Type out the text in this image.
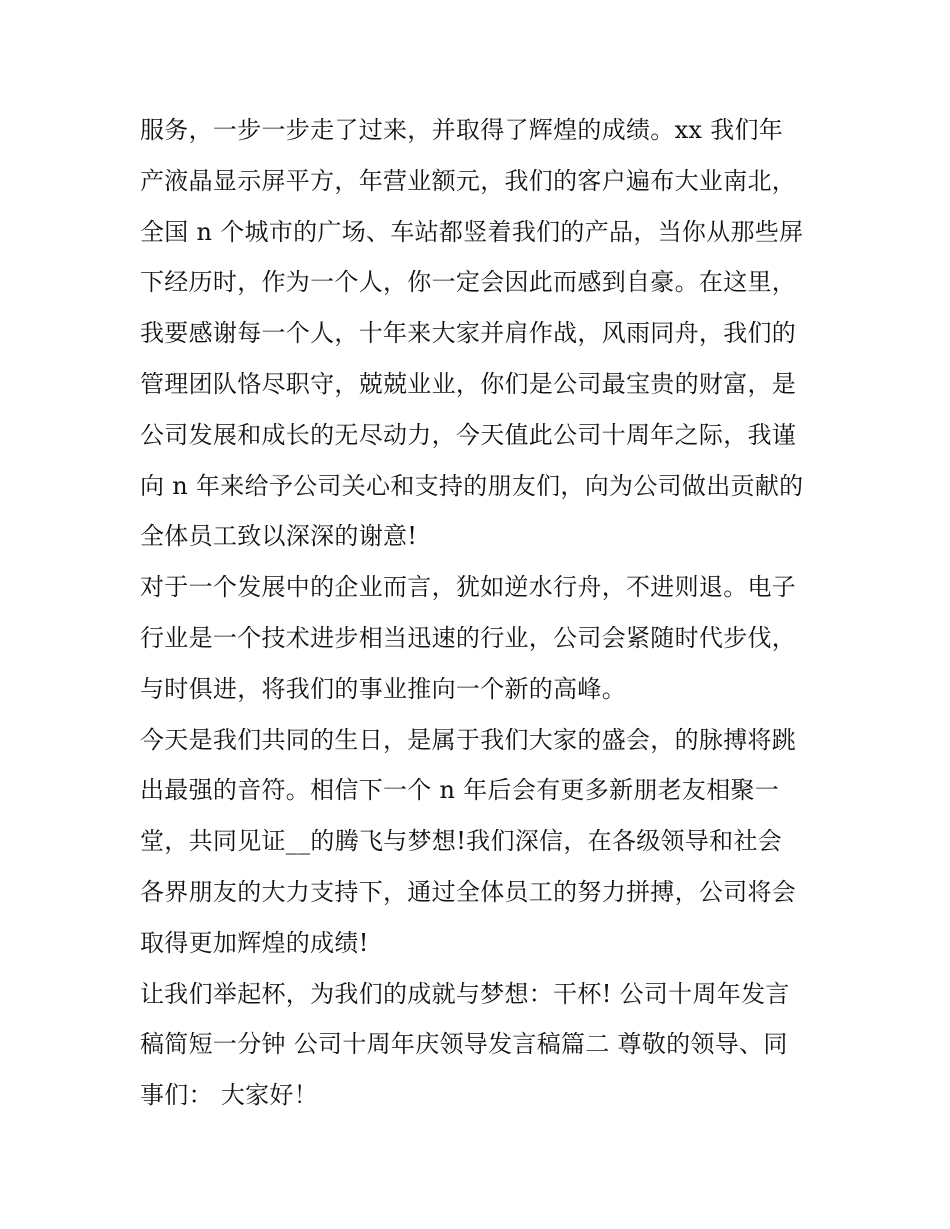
服务，一步一步走了过来，并取得了辉煌的成绩。xx 我们年
产液晶显示屏平方，年营业额元，我们的客户遍布大业南北，
全国 n 个城市的广场、车站都竖着我们的产品，当你从那些屏
下经历时，作为一个人，你一定会因此而感到自豪。在这里，
我要感谢每一个人，十年来大家并肩作战，风雨同舟，我们的
管理团队恪尽职守，兢兢业业，你们是公司最宝贵的财富，是
公司发展和成长的无尽动力，今天值此公司十周年之际，我谨
向 n 年来给予公司关心和支持的朋友们，向为公司做出贡献的
全体员工致以深深的谢意!
对于一个发展中的企业而言，犹如逆水行舟，不进则退。电子
行业是一个技术进步相当迅速的行业，公司会紧随时代步伐，
与时俱进，将我们的事业推向一个新的高峰。
今天是我们共同的生日，是属于我们大家的盛会，的脉搏将跳
出最强的音符。相信下一个 n 年后会有更多新朋老友相聚一
堂，共同见证__的腾飞与梦想!我们深信，在各级领导和社会
各界朋友的大力支持下，通过全体员工的努力拼搏，公司将会
取得更加辉煌的成绩!
让我们举起杯，为我们的成就与梦想：干杯! 公司十周年发言
稿简短一分钟 公司十周年庆领导发言稿篇二 尊敬的领导、同
事们： 大家好！
